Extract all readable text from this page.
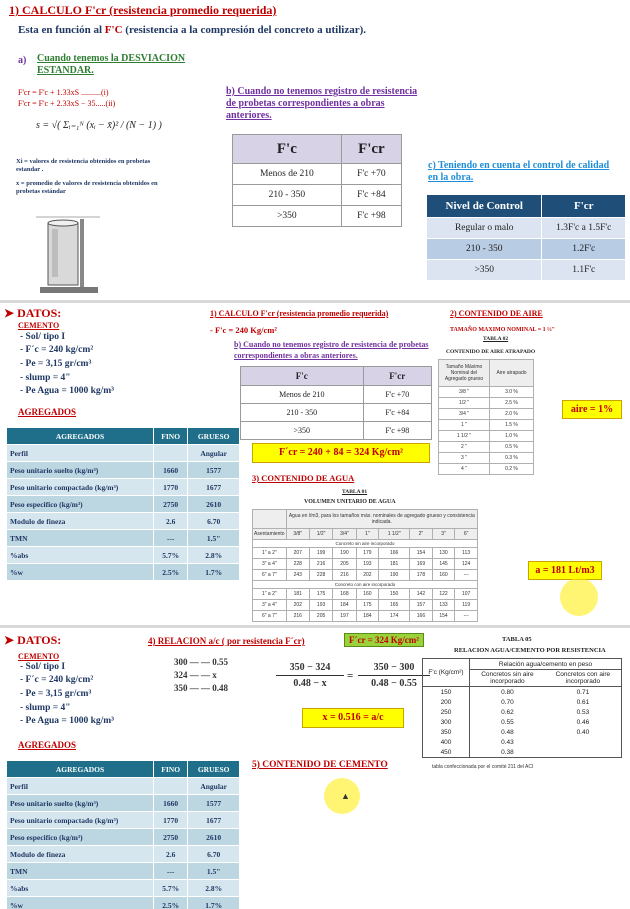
1) CALCULO F'cr (resistencia promedio requerida)
Esta en función al F'C (resistencia a la compresión del concreto a utilizar).
a) Cuando tenemos la DESVIACION ESTANDAR.
F'cr = F'c + 1.33xS ..........(i)
F'cr = F'c + 2.33xS − 35.....(ii)
s = √( Σᵢ₌₁ᴺ (xᵢ − x̄)² / (N − 1) )
Xi = valores de resistencia obtenidos en probetas estandar .
x = promedio de valores de resistencia obtenidos en probetas estándar
b) Cuando no tenemos registro de resistencia de probetas correspondientes a obras anteriores.
F'c	F'cr
Menos de 210	F'c +70
210 - 350	F'c +84
>350	F'c +98
c) Teniendo en cuenta el control de calidad en la obra.
Nivel de Control	F'cr
Regular o malo	1.3F'c a 1.5F'c
210 - 350	1.2F'c
>350	1.1F'c
➤ DATOS:
CEMENTO
- Sol/ tipo I
- F´c = 240 kg/cm²
- Pe = 3,15 gr/cm³
- slump = 4"
- Pe Agua = 1000 kg/m³
AGREGADOS
AGREGADOS	FINO	GRUESO
Perfil		Angular
Peso unitario suelto (kg/m³)	1660	1577
Peso unitario compactado (kg/m³)	1770	1677
Peso especifico (kg/m³)	2750	2610
Modulo de fineza	2.6	6.70
TMN	---	1.5"
%abs	5.7%	2.8%
%w	2.5%	1.7%
1) CALCULO F'cr (resistencia promedio requerida)
- F'c = 240 Kg/cm²
b) Cuando no tenemos registro de resistencia de probetas correspondientes a obras anteriores.
F'c	F'cr
Menos de 210	F'c +70
210 - 350	F'c +84
>350	F'c +98
F´cr = 240 + 84 = 324 Kg/cm²
2) CONTENIDO DE AIRE
TAMAÑO MAXIMO NOMINAL = 1 ½"
TABLA 02
CONTENIDO DE AIRE ATRAPADO
Tamaño Máximo Nominal del Agregado grueso	Aire atrapado
3/8 "	3.0 %
1/2 "	2.5 %
3/4 "	2.0 %
1 "	1.5 %
1 1/2 "	1.0 %
2 "	0.5 %
3 "	0.3 %
4 "	0.2 %
aire = 1%
3) CONTENIDO DE AGUA
TABLA 01
VOLUMEN UNITARIO DE AGUA
	Agua en l/m3, para los tamaños máx. nominales de agregado grueso y consistencia indicada.							
Asentamiento	3/8"	1/2"	3/4"	1"	1 1/2"	2"	3"	6"
Concreto sin aire incorporado								
1" a 2"	207	199	190	179	166	154	130	113
3" a 4"	228	216	205	193	181	169	145	124
6" a 7"	243	228	216	202	190	178	160	---
Concreto con aire incorporado								
1" a 2"	181	175	168	160	150	142	122	107
3" a 4"	202	193	184	175	165	157	133	119
6" a 7"	216	205	197	184	174	166	154	---
a = 181 Lt/m3
➤ DATOS:
CEMENTO
- Sol/ tipo I
- F´c = 240 kg/cm²
- Pe = 3,15 gr/cm³
- slump = 4"
- Pe Agua = 1000 kg/m³
AGREGADOS
AGREGADOS	FINO	GRUESO
Perfil		Angular
Peso unitario suelto (kg/m³)	1660	1577
Peso unitario compactado (kg/m³)	1770	1677
Peso especifico (kg/m³)	2750	2610
Modulo de fineza	2.6	6.70
TMN	---	1.5"
%abs	5.7%	2.8%
%w	2.5%	1.7%
4) RELACION a/c ( por resistencia F´cr)	F´cr = 324 Kg/cm²
300 — — 0.55
324 — — x
350 — — 0.48
350 − 324
0.48 − x
=
350 − 300
0.48 − 0.55
x = 0.516 = a/c
5) CONTENIDO DE CEMENTO
▲
TABLA 05
RELACION AGUA/CEMENTO POR RESISTENCIA
F'c (Kg/cm²)	Relación agua/cemento en peso	
	Concretos sin aire incorporado	Concretos con aire incorporado
150	0.80	0.71
200	0.70	0.61
250	0.62	0.53
300	0.55	0.46
350	0.48	0.40
400	0.43	
450	0.38	
tabla confeccionada por el comité 211 del ACI
